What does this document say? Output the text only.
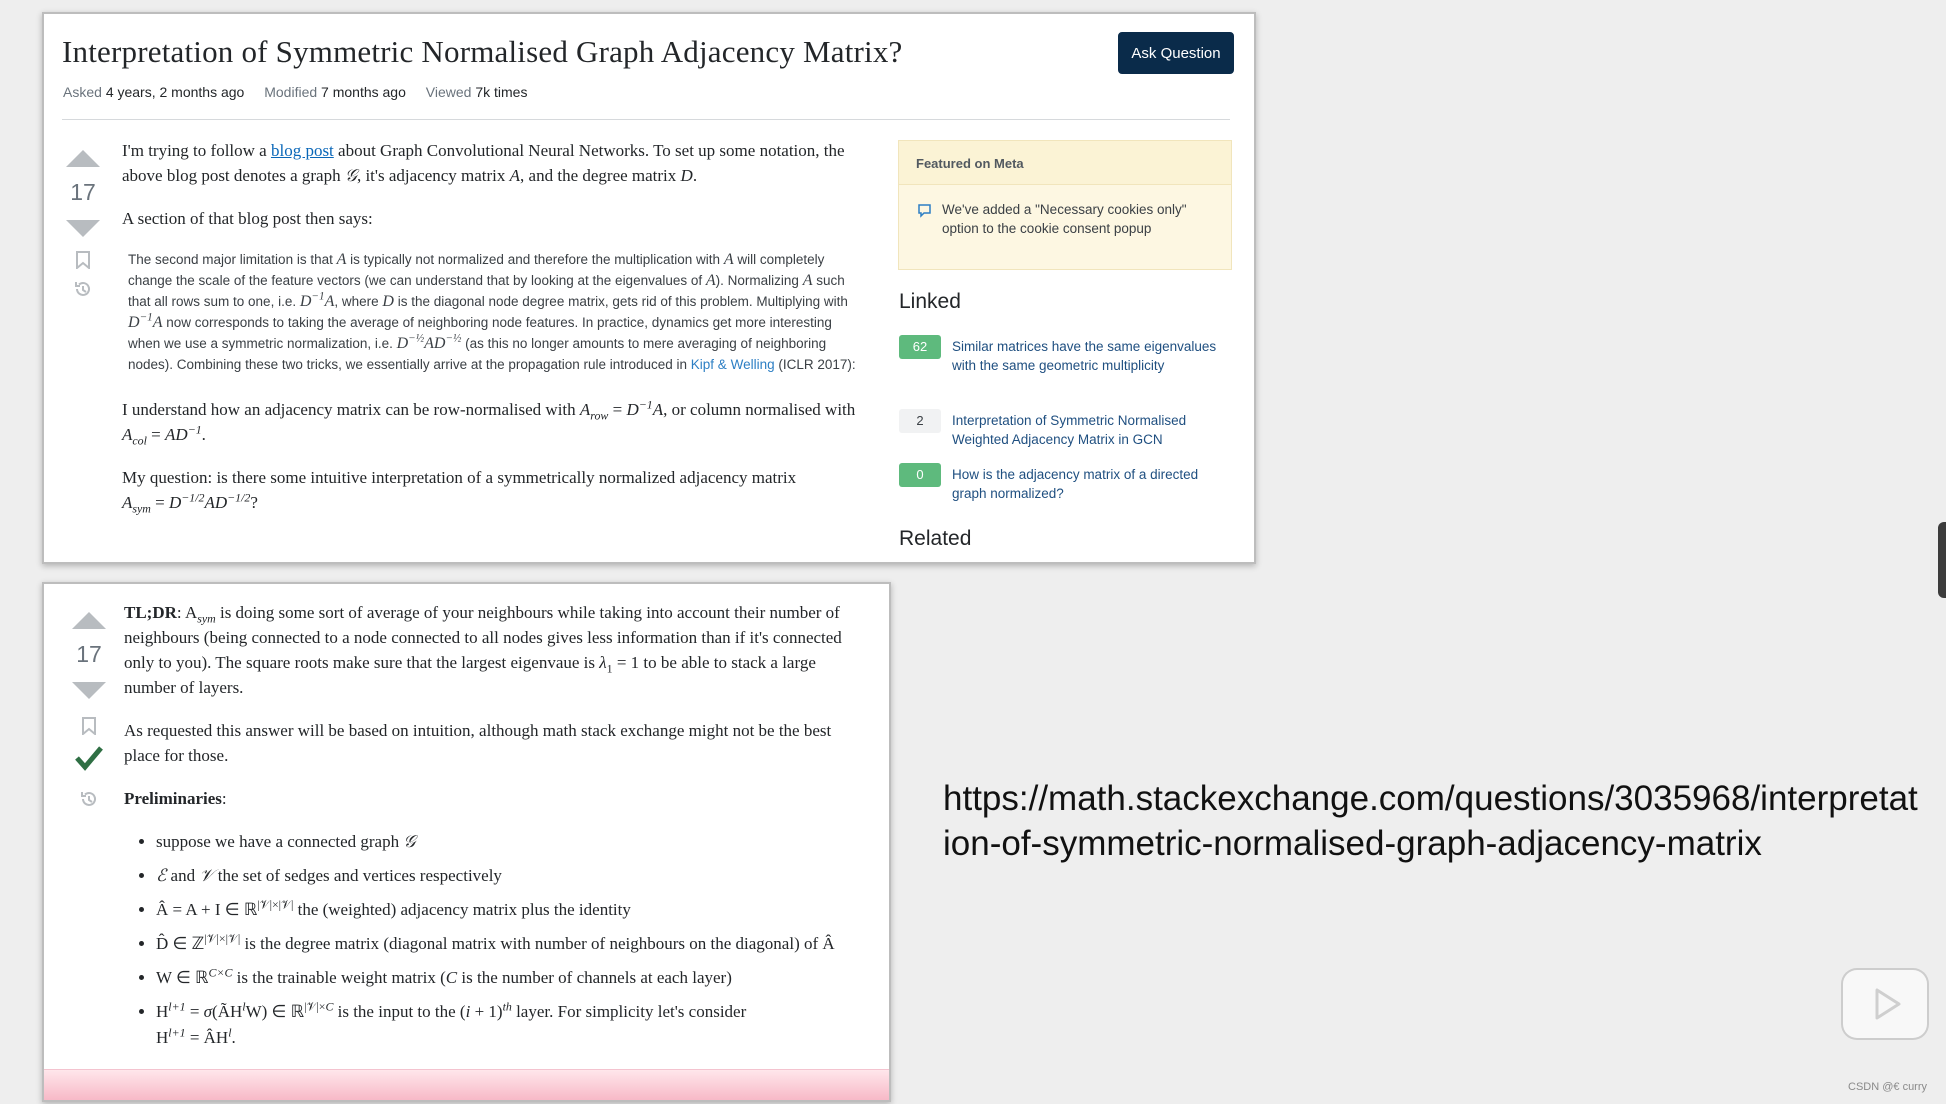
Interpretation of Symmetric Normalised Graph Adjacency Matrix?	Ask Question
Asked 4 years, 2 months ago Modified 7 months ago Viewed 7k times
17

I'm trying to follow a blog post about Graph Convolutional Neural Networks. To set up some notation, the above blog post denotes a graph 𝒢, it's adjacency matrix A, and the degree matrix D.

A section of that blog post then says:

The second major limitation is that A is typically not normalized and therefore the multiplication with A will completely change the scale of the feature vectors (we can understand that by looking at the eigenvalues of A). Normalizing A such that all rows sum to one, i.e. $D^{-1}A$, where D is the diagonal node degree matrix, gets rid of this problem. Multiplying with $D^{-1}A$ now corresponds to taking the average of neighboring node features. In practice, dynamics get more interesting when we use a symmetric normalization, i.e. $D^{-\frac{1}{2}}AD^{-\frac{1}{2}}$ (as this no longer amounts to mere averaging of neighboring nodes). Combining these two tricks, we essentially arrive at the propagation rule introduced in Kipf & Welling (ICLR 2017):

I understand how an adjacency matrix can be row-normalised with $A_{row} = D^{-1}A$, or column normalised with $A_{col} = AD^{-1}$.

My question: is there some intuitive interpretation of a symmetrically normalized adjacency matrix
$A_{sym} = D^{-1/2}AD^{-1/2}$?

Featured on Meta
We've added a "Necessary cookies only" option to the cookie consent popup
Linked
62	Similar matrices have the same eigenvalues with the same geometric multiplicity
2	Interpretation of Symmetric Normalised Weighted Adjacency Matrix in GCN
0	How is the adjacency matrix of a directed graph normalized?
Related
17

TL;DR: $A_{sym}$ is doing some sort of average of your neighbours while taking into account their number of neighbours (being connected to a node connected to all nodes gives less information than if it's connected only to you). The square roots make sure that the largest eigenvaue is $\lambda_1 = 1$ to be able to stack a large number of layers.

As requested this answer will be based on intuition, although math stack exchange might not be the best place for those.

Preliminaries:

• suppose we have a connected graph 𝒢
• ℰ and 𝒱 the set of sedges and vertices respectively
• Â = A + I ∈ ℝ$^{|𝒱|\times|𝒱|}$ the (weighted) adjacency matrix plus the identity
• D̂ ∈ ℤ$^{|𝒱|\times|𝒱|}$ is the degree matrix (diagonal matrix with number of neighbours on the diagonal) of Â
• W ∈ ℝ$^{C\times C}$ is the trainable weight matrix (C is the number of channels at each layer)
• $H^{l+1}$ = $\sigma(ÃH^lW)$ ∈ ℝ$^{|𝒱|\times C}$ is the input to the $(i + 1)^{th}$ layer. For simplicity let's consider
$H^{l+1}$ = $ÂH^l$.

https://math.stackexchange.com/questions/3035968/interpretation-of-symmetric-normalised-graph-adjacency-matrix

CSDN @€ curry
